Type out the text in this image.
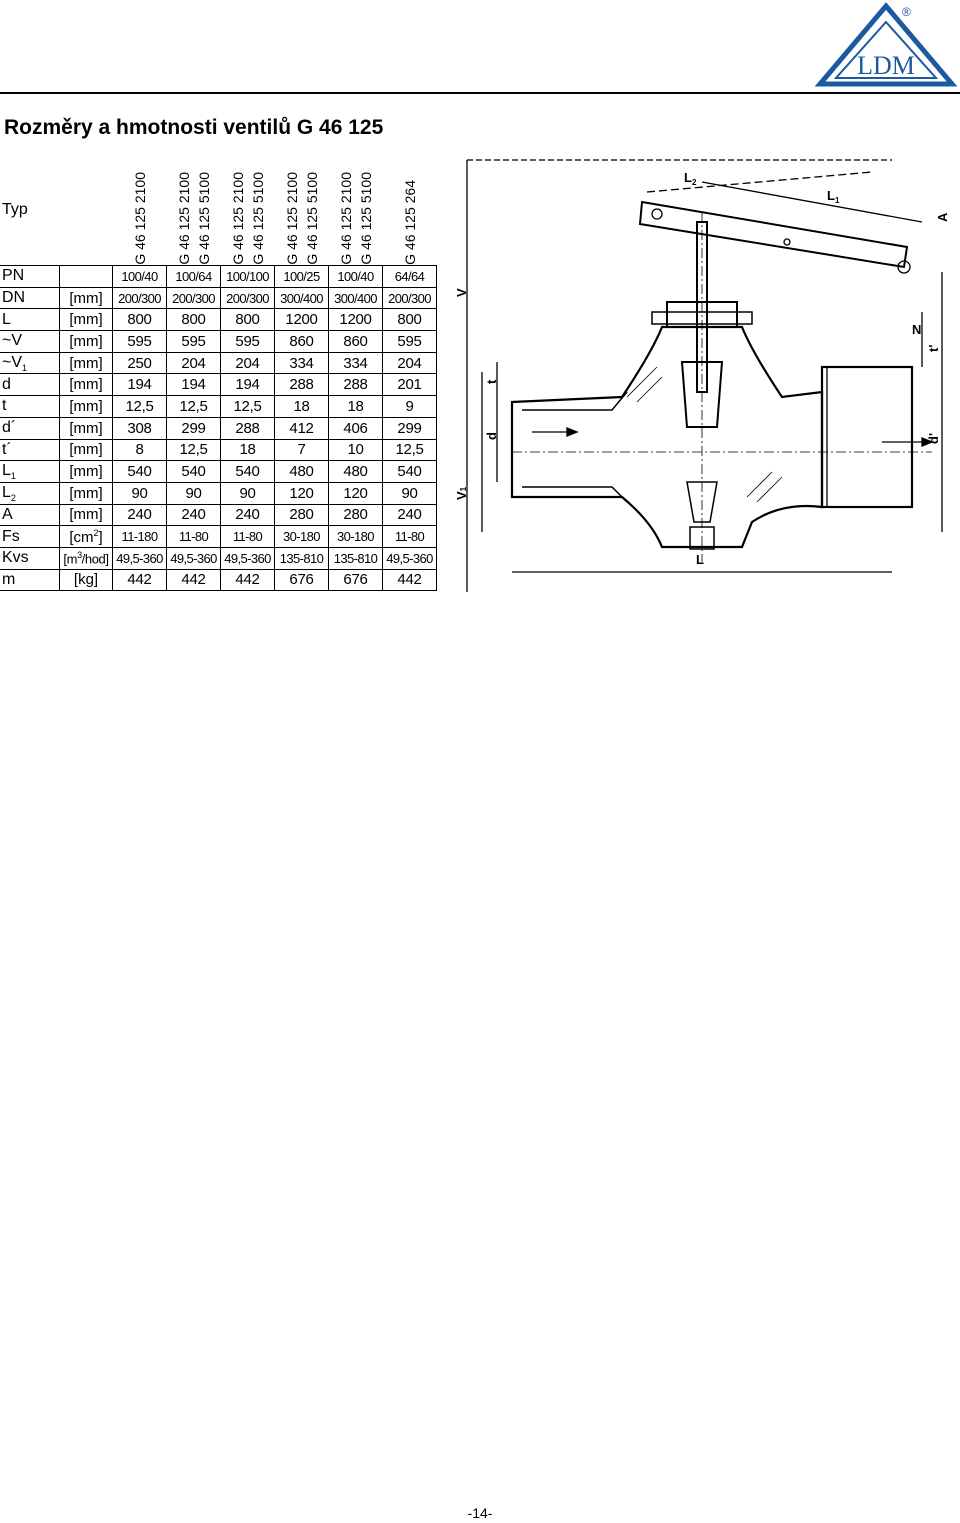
LDM
®
Rozměry a hmotnosti ventilů G 46 125
Typ		G 46 125 2100	G 46 125 2100 G 46 125 5100	G 46 125 2100 G 46 125 5100	G 46 125 2100 G 46 125 5100	G 46 125 2100 G 46 125 5100	G 46 125 264

PN		100/40	100/64	100/100	100/25	100/40	64/64
DN	[mm]	200/300	200/300	200/300	300/400	300/400	200/300
L	[mm]	800	800	800	1200	1200	800
~V	[mm]	595	595	595	860	860	595
$\sim V_1$	[mm]	250	204	204	334	334	204
d	[mm]	194	194	194	288	288	201
t	[mm]	12,5	12,5	12,5	18	18	9
d´	[mm]	308	299	288	412	406	299
t´	[mm]	8	12,5	18	7	10	12,5
$L_1$	[mm]	540	540	540	480	480	540
$L_2$	[mm]	90	90	90	120	120	90
A	[mm]	240	240	240	280	280	240
Fs	$[cm^2]$	11-180	11-80	11-80	30-180	30-180	11-80
Kvs	$[m^3/hod]$	49,5-360	49,5-360	49,5-360	135-810	135-810	49,5-360
m	[kg]	442	442	442	676	676	442
$L_2$
$L_1$
A
V
V1
t
d
N
t'
d'
L
-14-
